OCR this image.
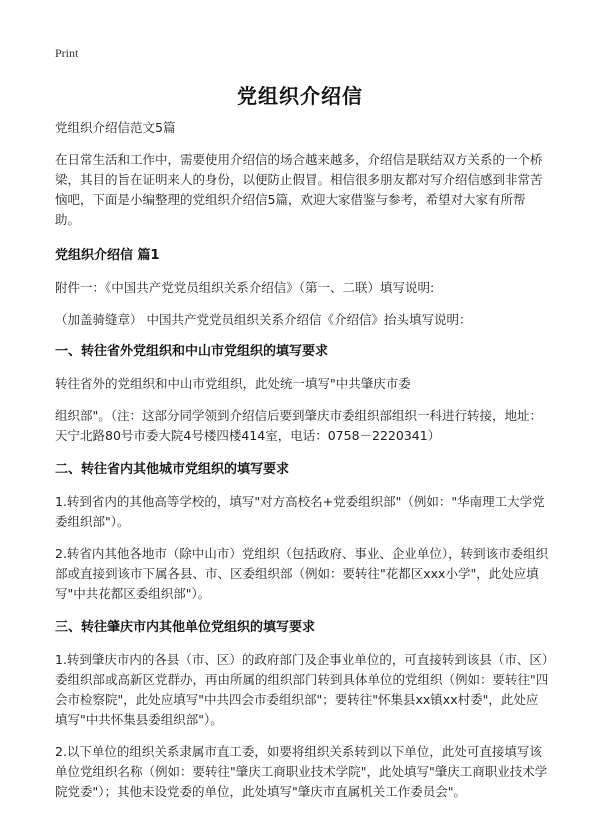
Print
党组织介绍信

党组织介绍信范文5篇

在日常生活和工作中，需要使用介绍信的场合越来越多，介绍信是联结双方关系的一个桥梁，其目的旨在证明来人的身份，以便防止假冒。相信很多朋友都对写介绍信感到非常苦恼吧，下面是小编整理的党组织介绍信5篇，欢迎大家借鉴与参考，希望对大家有所帮助。

党组织介绍信 篇1

附件一：《中国共产党党员组织关系介绍信》（第一、二联）填写说明:

（加盖骑缝章） 中国共产党党员组织关系介绍信《介绍信》抬头填写说明：

一、转往省外党组织和中山市党组织的填写要求

转往省外的党组织和中山市党组织，此处统一填写"中共肇庆市委

组织部"。（注：这部分同学领到介绍信后要到肇庆市委组织部组织一科进行转接，地址：天宁北路80号市委大院4号楼四楼414室，电话：0758－2220341）

二、转往省内其他城市党组织的填写要求

1.转到省内的其他高等学校的，填写"对方高校名+党委组织部"（例如："华南理工大学党委组织部"）。

2.转省内其他各地市（除中山市）党组织（包括政府、事业、企业单位），转到该市委组织部或直接到该市下属各县、市、区委组织部（例如：要转往"花都区xxx小学"，此处应填写"中共花都区委组织部"）。

三、转往肇庆市内其他单位党组织的填写要求

1.转到肇庆市内的各县（市、区）的政府部门及企事业单位的，可直接转到该县（市、区）委组织部或高新区党群办，再由所属的组织部门转到具体单位的党组织（例如：要转往"四会市检察院"，此处应填写"中共四会市委组织部"；要转往"怀集县xx镇xx村委"，此处应填写"中共怀集县委组织部"）。

2.以下单位的组织关系隶属市直工委，如要将组织关系转到以下单位，此处可直接填写该单位党组织名称（例如：要转往"肇庆工商职业技术学院"，此处填写"肇庆工商职业技术学院党委"）；其他未设党委的单位，此处填写"肇庆市直属机关工作委员会"。
